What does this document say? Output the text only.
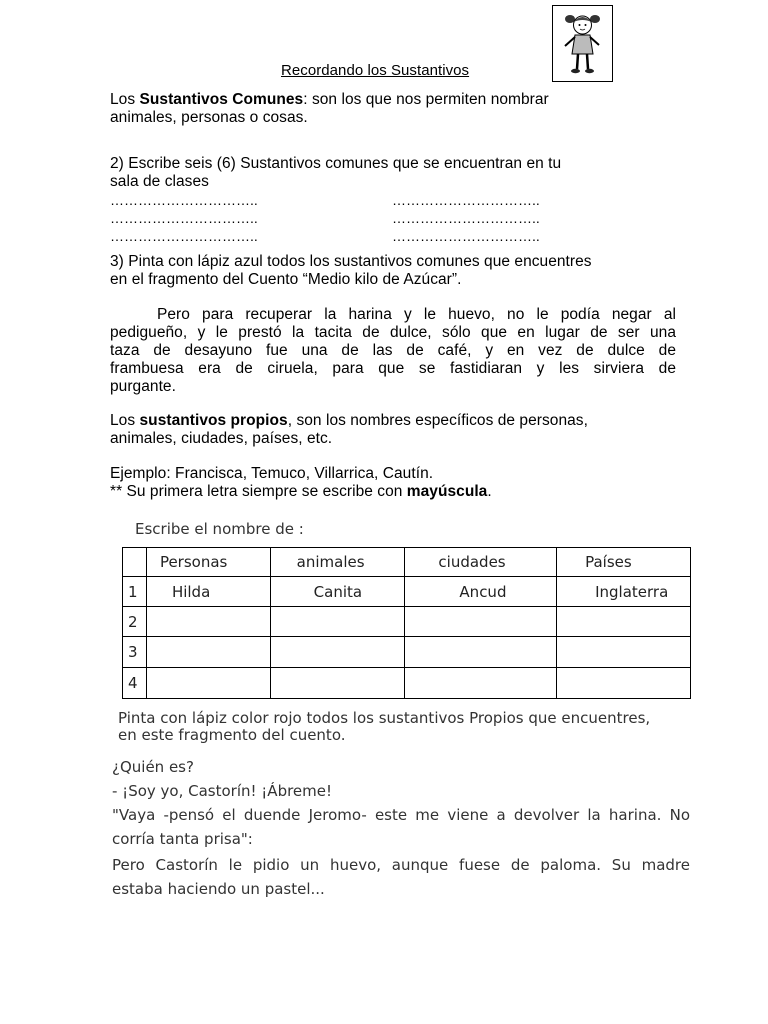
Recordando los Sustantivos
Los Sustantivos Comunes: son los que nos permiten nombrar
animales, personas o cosas.
2) Escribe seis (6) Sustantivos comunes que se encuentran en tu
sala de clases
…………………………..	…………………………..
…………………………..	…………………………..
…………………………..	…………………………..
3) Pinta con lápiz azul todos los sustantivos comunes que encuentres
en el fragmento del Cuento “Medio kilo de Azúcar”.
Pero para recuperar la harina y le huevo, no le podía negar al
pedigueño, y le prestó la tacita de dulce, sólo que en lugar de ser una
taza de desayuno fue una de las de café, y en vez de dulce de
frambuesa era de ciruela, para que se fastidiaran y les sirviera de
purgante.
Los sustantivos propios, son los nombres específicos de personas,
animales, ciudades, países, etc.
Ejemplo: Francisca, Temuco, Villarrica, Cautín.
** Su primera letra siempre se escribe con mayúscula.
Escribe el nombre de :
	Personas	animales	ciudades	Países
1	Hilda	Canita	Ancud	Inglaterra
2				
3				
4				
Pinta con lápiz color rojo todos los sustantivos Propios que encuentres,
en este fragmento del cuento.
¿Quién es?
- ¡Soy yo, Castorín! ¡Ábreme!
"Vaya -pensó el duende Jeromo- este me viene a devolver la harina. No
corría tanta prisa":
Pero Castorín le pidio un huevo, aunque fuese de paloma. Su madre
estaba haciendo un pastel...
